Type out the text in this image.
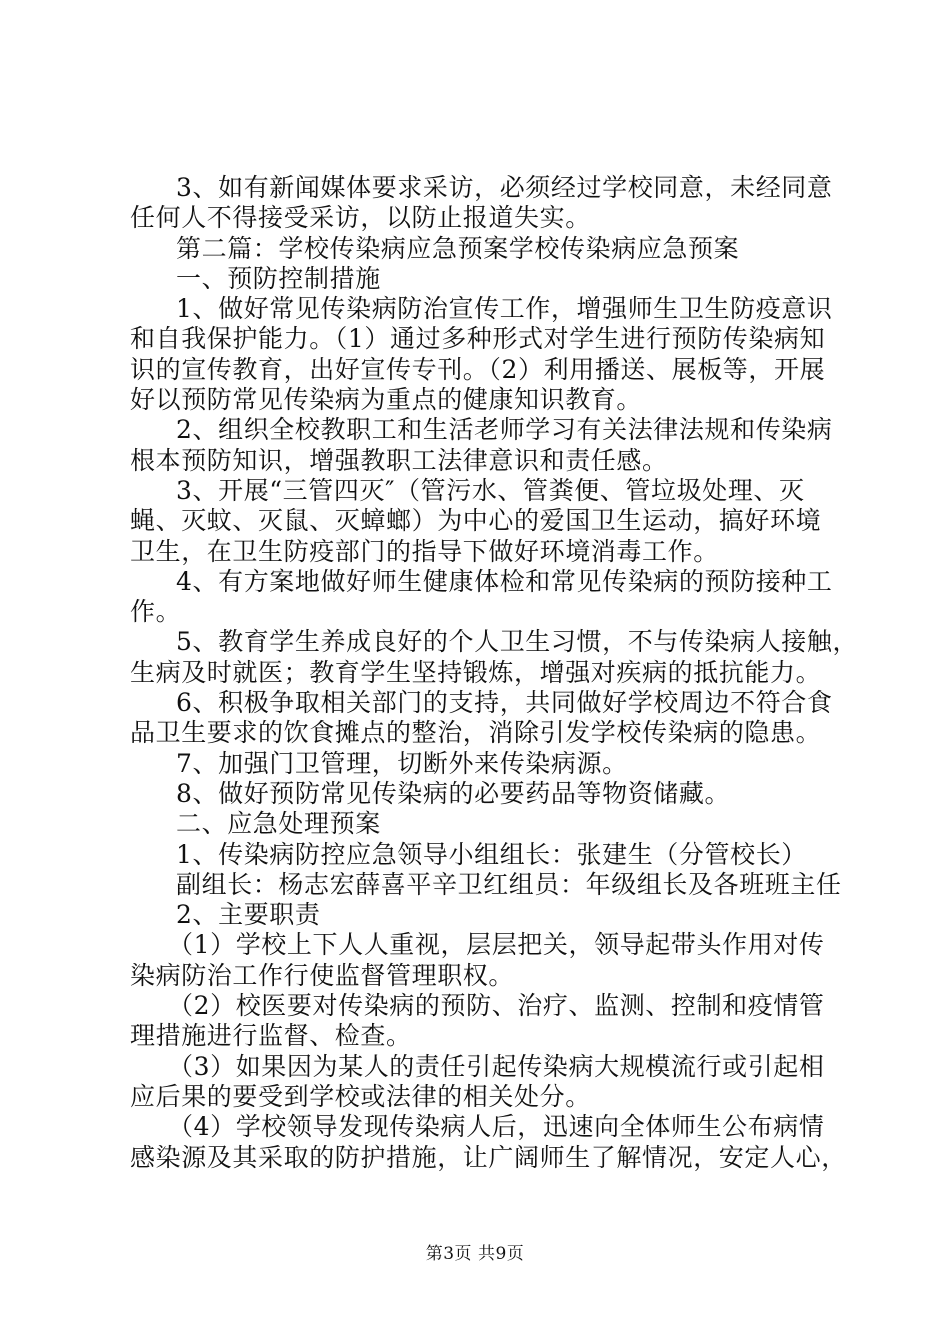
3、如有新闻媒体要求采访，必须经过学校同意，未经同意
任何人不得接受采访，以防止报道失实。
第二篇：学校传染病应急预案学校传染病应急预案
一、预防控制措施
1、做好常见传染病防治宣传工作，增强师生卫生防疫意识
和自我保护能力。（1）通过多种形式对学生进行预防传染病知
识的宣传教育，出好宣传专刊。（2）利用播送、展板等，开展
好以预防常见传染病为重点的健康知识教育。
2、组织全校教职工和生活老师学习有关法律法规和传染病
根本预防知识，增强教职工法律意识和责任感。
3、开展“三管四灭″（管污水、管粪便、管垃圾处理、灭
蝇、灭蚊、灭鼠、灭蟑螂）为中心的爱国卫生运动，搞好环境
卫生，在卫生防疫部门的指导下做好环境消毒工作。
4、有方案地做好师生健康体检和常见传染病的预防接种工
作。
5、教育学生养成良好的个人卫生习惯，不与传染病人接触，
生病及时就医；教育学生坚持锻炼，增强对疾病的抵抗能力。
6、积极争取相关部门的支持，共同做好学校周边不符合食
品卫生要求的饮食摊点的整治，消除引发学校传染病的隐患。
7、加强门卫管理，切断外来传染病源。
8、做好预防常见传染病的必要药品等物资储藏。
二、应急处理预案
1、传染病防控应急领导小组组长：张建生（分管校长）
副组长：杨志宏薛喜平辛卫红组员：年级组长及各班班主任
2、主要职责
（1）学校上下人人重视，层层把关，领导起带头作用对传
染病防治工作行使监督管理职权。
（2）校医要对传染病的预防、治疗、监测、控制和疫情管
理措施进行监督、检查。
（3）如果因为某人的责任引起传染病大规模流行或引起相
应后果的要受到学校或法律的相关处分。
（4）学校领导发现传染病人后，迅速向全体师生公布病情
感染源及其采取的防护措施，让广阔师生了解情况，安定人心，
第3页 共9页
